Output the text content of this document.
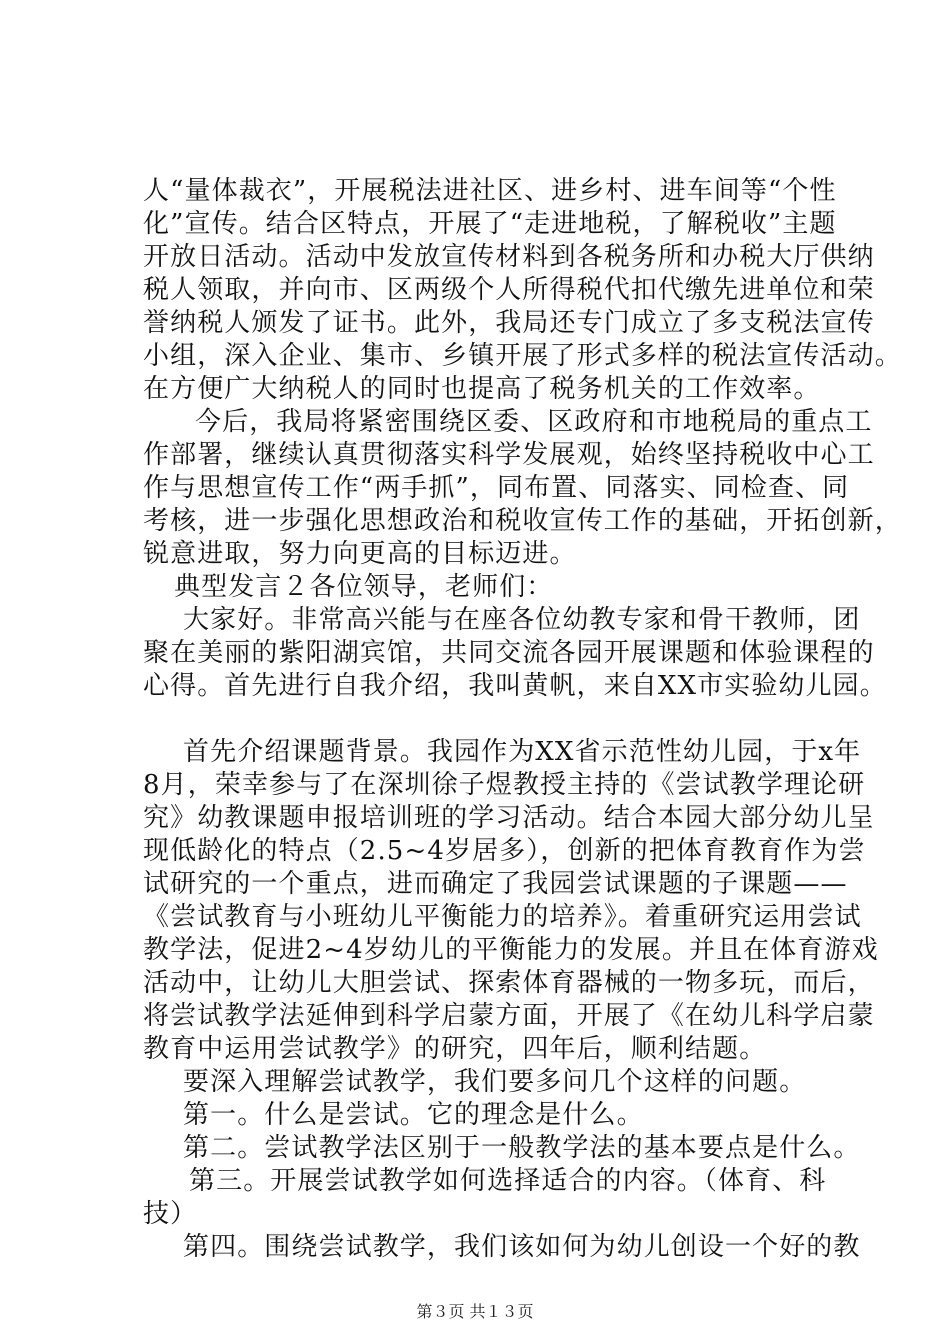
人“量体裁衣”，开展税法进社区、进乡村、进车间等“个性
化”宣传。结合区特点，开展了“走进地税，了解税收”主题
开放日活动。活动中发放宣传材料到各税务所和办税大厅供纳
税人领取，并向市、区两级个人所得税代扣代缴先进单位和荣
誉纳税人颁发了证书。此外，我局还专门成立了多支税法宣传
小组，深入企业、集市、乡镇开展了形式多样的税法宣传活动。
在方便广大纳税人的同时也提高了税务机关的工作效率。
今后，我局将紧密围绕区委、区政府和市地税局的重点工
作部署，继续认真贯彻落实科学发展观，始终坚持税收中心工
作与思想宣传工作“两手抓”，同布置、同落实、同检查、同
考核，进一步强化思想政治和税收宣传工作的基础，开拓创新，
锐意进取，努力向更高的目标迈进。
典型发言２各位领导，老师们：
大家好。非常高兴能与在座各位幼教专家和骨干教师，团
聚在美丽的紫阳湖宾馆，共同交流各园开展课题和体验课程的
心得。首先进行自我介绍，我叫黄帆，来自XX市实验幼儿园。
首先介绍课题背景。我园作为XX省示范性幼儿园，于x年
8月，荣幸参与了在深圳徐子煜教授主持的《尝试教学理论研
究》幼教课题申报培训班的学习活动。结合本园大部分幼儿呈
现低龄化的特点（2.5~4岁居多），创新的把体育教育作为尝
试研究的一个重点，进而确定了我园尝试课题的子课题——
《尝试教育与小班幼儿平衡能力的培养》。着重研究运用尝试
教学法，促进2~4岁幼儿的平衡能力的发展。并且在体育游戏
活动中，让幼儿大胆尝试、探索体育器械的一物多玩，而后，
将尝试教学法延伸到科学启蒙方面，开展了《在幼儿科学启蒙
教育中运用尝试教学》的研究，四年后，顺利结题。
要深入理解尝试教学，我们要多问几个这样的问题。
第一。什么是尝试。它的理念是什么。
第二。尝试教学法区别于一般教学法的基本要点是什么。
第三。开展尝试教学如何选择适合的内容。（体育、科
技）
第四。围绕尝试教学，我们该如何为幼儿创设一个好的教
第３页 共１３页
